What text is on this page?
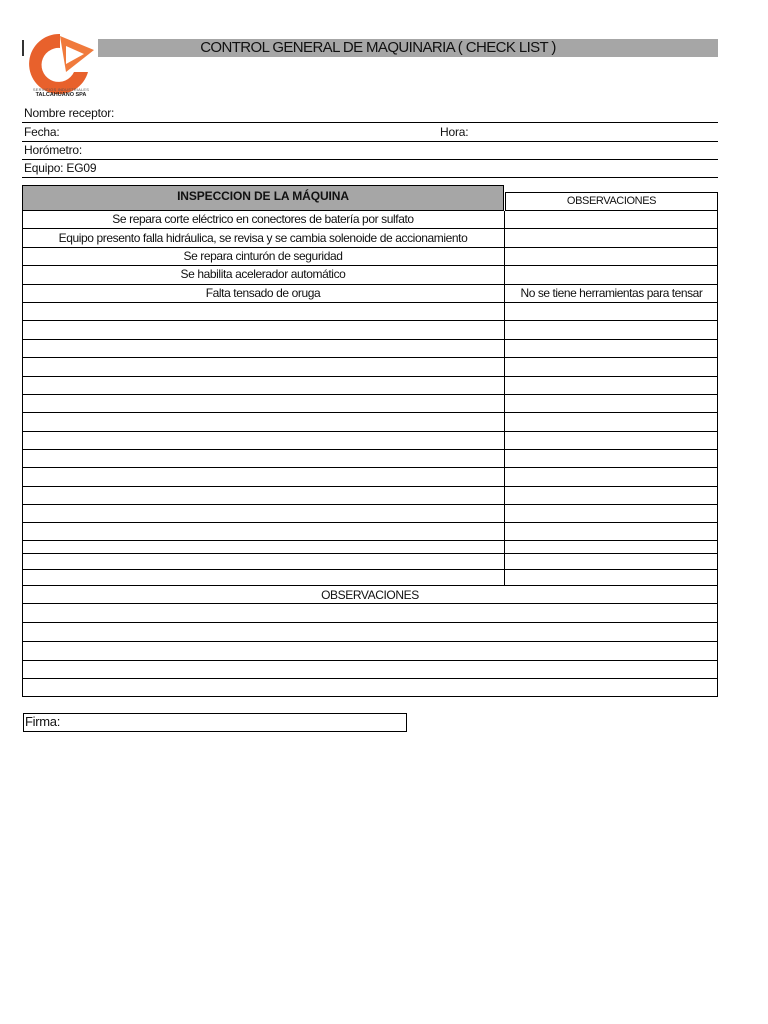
SERVICIOS INDUSTRIALES
TALCAHUANO SPA
CONTROL GENERAL DE MAQUINARIA ( CHECK LIST )
Nombre receptor:
Fecha:	Hora:
Horómetro:
Equipo: EG09
INSPECCION DE LA MÁQUINA	OBSERVACIONES
Se repara corte eléctrico en conectores de batería por sulfato
Equipo presento falla hidráulica, se revisa y se cambia solenoide de accionamiento
Se repara cinturón de seguridad
Se habilita acelerador automático
Falta tensado de oruga	No se tiene herramientas para tensar
OBSERVACIONES
Firma:
